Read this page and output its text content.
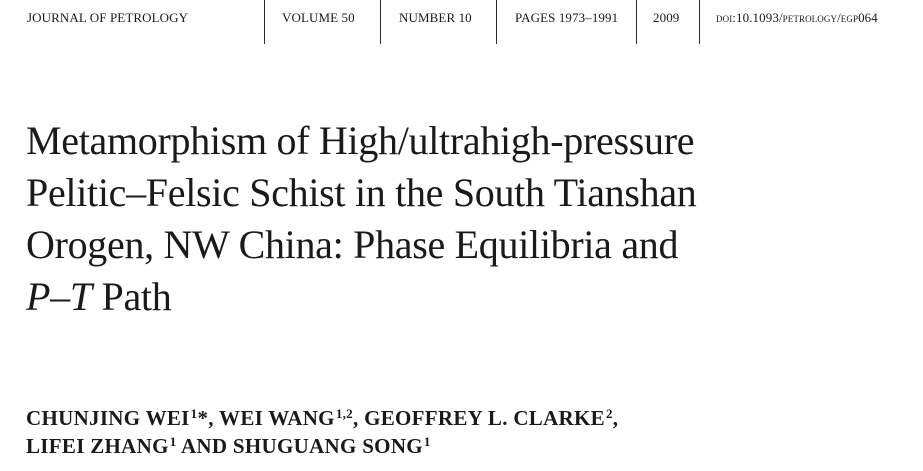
JOURNAL OF PETROLOGY	VOLUME 50	NUMBER 10	PAGES 1973–1991	2009	doi:10.1093/petrology/egp064
Metamorphism of High/ultrahigh-pressure
Pelitic–Felsic Schist in the South Tianshan
Orogen, NW China: Phase Equilibria and
P–T Path
CHUNJING WEI$^1$*, WEI WANG$^{1,2}$, GEOFFREY L. CLARKE$^2$,
LIFEI ZHANG$^1$ AND SHUGUANG SONG$^1$
